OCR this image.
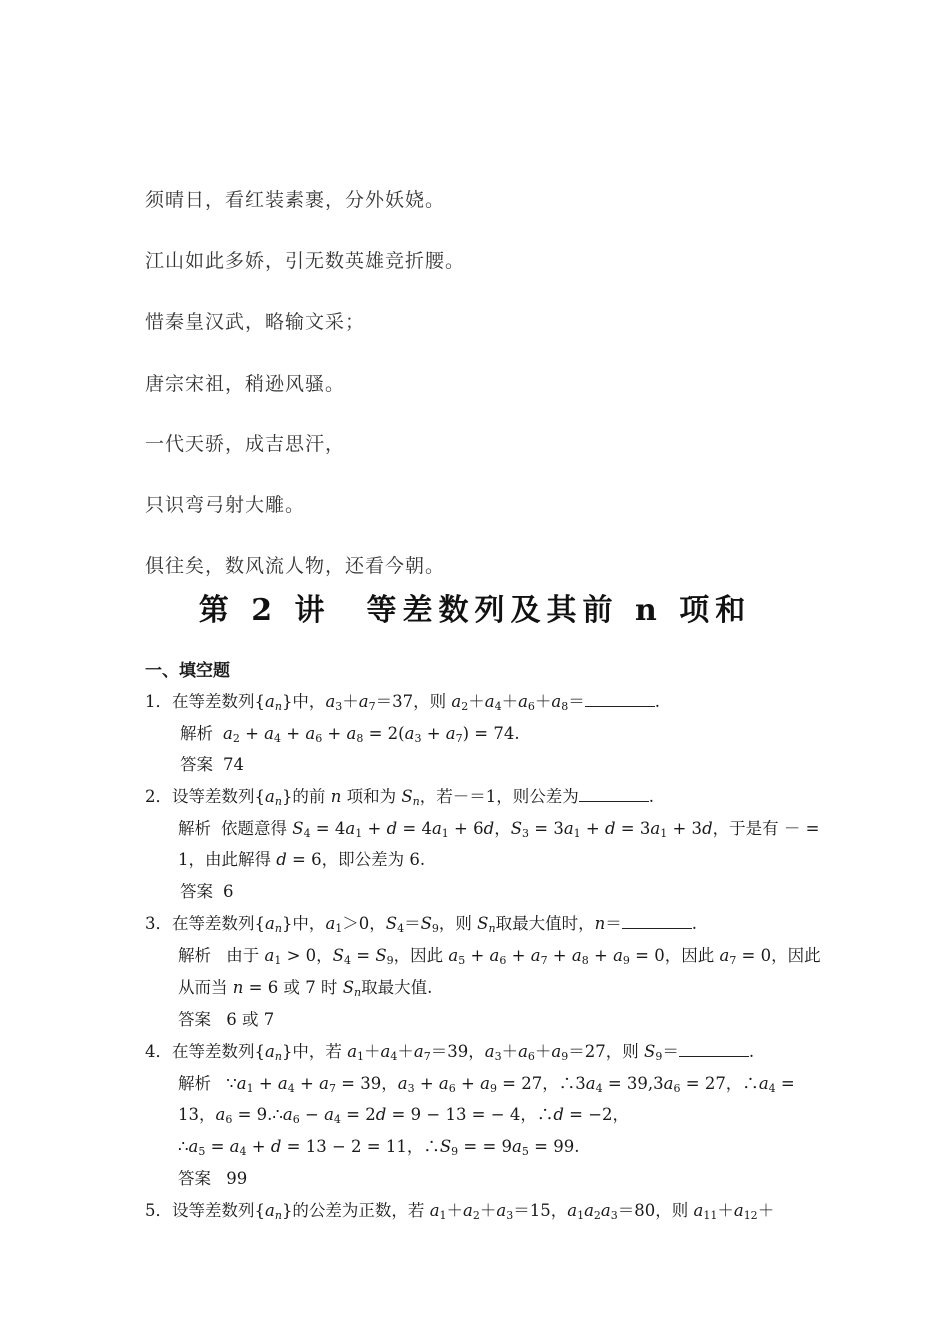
须晴日，看红装素裹，分外妖娆。
江山如此多娇，引无数英雄竞折腰。
惜秦皇汉武，略输文采；
唐宗宋祖，稍逊风骚。
一代天骄，成吉思汗，
只识弯弓射大雕。
俱往矣，数风流人物，还看今朝。
第 2 讲　等差数列及其前 n 项和
一、填空题
1．在等差数列$\{a_n\}$中，$a_3+a_7=37$，则 $a_2+a_4+a_6+a_8=$	.
解析 $a_2 + a_4 + a_6 + a_8 = 2(a_3 + a_7) = 74$.
答案 74
2．设等差数列$\{a_n\}$的前 n 项和为 $S_n$，若－＝1，则公差为	.
解析 依题意得 $S_4 = 4a_1 + d = 4a_1 + 6d$，$S_3 = 3a_1 + d = 3a_1 + 3d$，于是有 － =
1，由此解得 d = 6，即公差为 6.
答案 6
3．在等差数列$\{a_n\}$中，$a_1>0$，$S_4=S_9$，则 $S_n$取最大值时，n＝	.
解析 由于 $a_1 > 0$，$S_4 = S_9$，因此 $a_5 + a_6 + a_7 + a_8 + a_9 = 0$，因此 $a_7 = 0$，因此
从而当 n = 6 或 7 时 $S_n$取最大值.
答案 6 或 7
4．在等差数列$\{a_n\}$中，若 $a_1+a_4+a_7=39$，$a_3+a_6+a_9=27$，则 $S_9=$	.
解析 $\because a_1 + a_4 + a_7 = 39$，$a_3 + a_6 + a_9 = 27$，$\therefore 3a_4 = 39,3a_6 = 27$，$\therefore a_4$ =
13，$a_6$ = $9.\therefore a_6 - a_4 = 2d = 9 - 13$ = − 4，∴d = −2，
$\therefore a_5 = a_4 + d = 13 - 2 = 11$，$\therefore S_9$ = = $9a_5 = 99$.
答案 99
5．设等差数列$\{a_n\}$的公差为正数，若 $a_1+a_2+a_3=15$，$a_1a_2a_3=80$，则 $a_{11}+a_{12}+$
